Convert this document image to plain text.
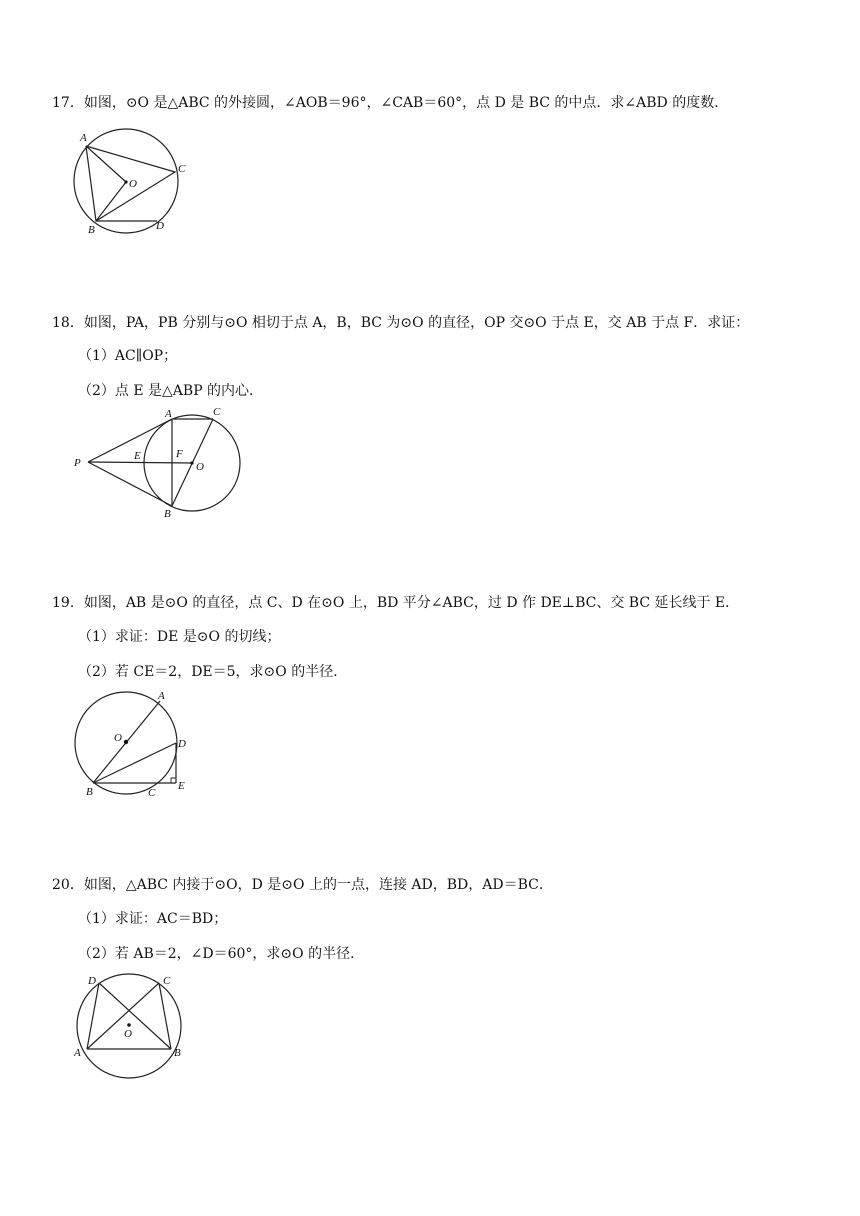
17．如图，⊙O 是△ABC 的外接圆，∠AOB＝96°，∠CAB＝60°，点 D 是 BC 的中点．求∠ABD 的度数．
A
C
O
B	D
18．如图，PA，PB 分别与⊙O 相切于点 A，B，BC 为⊙O 的直径，OP 交⊙O 于点 E，交 AB 于点 F．求证：
（1）AC∥OP；
（2）点 E 是△ABP 的内心．
P
E	F
O
A	C
B
19．如图，AB 是⊙O 的直径，点 C、D 在⊙O 上，BD 平分∠ABC，过 D 作 DE⊥BC、交 BC 延长线于 E．
（1）求证：DE 是⊙O 的切线；
（2）若 CE＝2，DE＝5，求⊙O 的半径．
A
O	D
E
B	C
20．如图，△ABC 内接于⊙O，D 是⊙O 上的一点，连接 AD，BD，AD＝BC．
（1）求证：AC＝BD；
（2）若 AB＝2，∠D＝60°，求⊙O 的半径．
D	C
O
A	B
